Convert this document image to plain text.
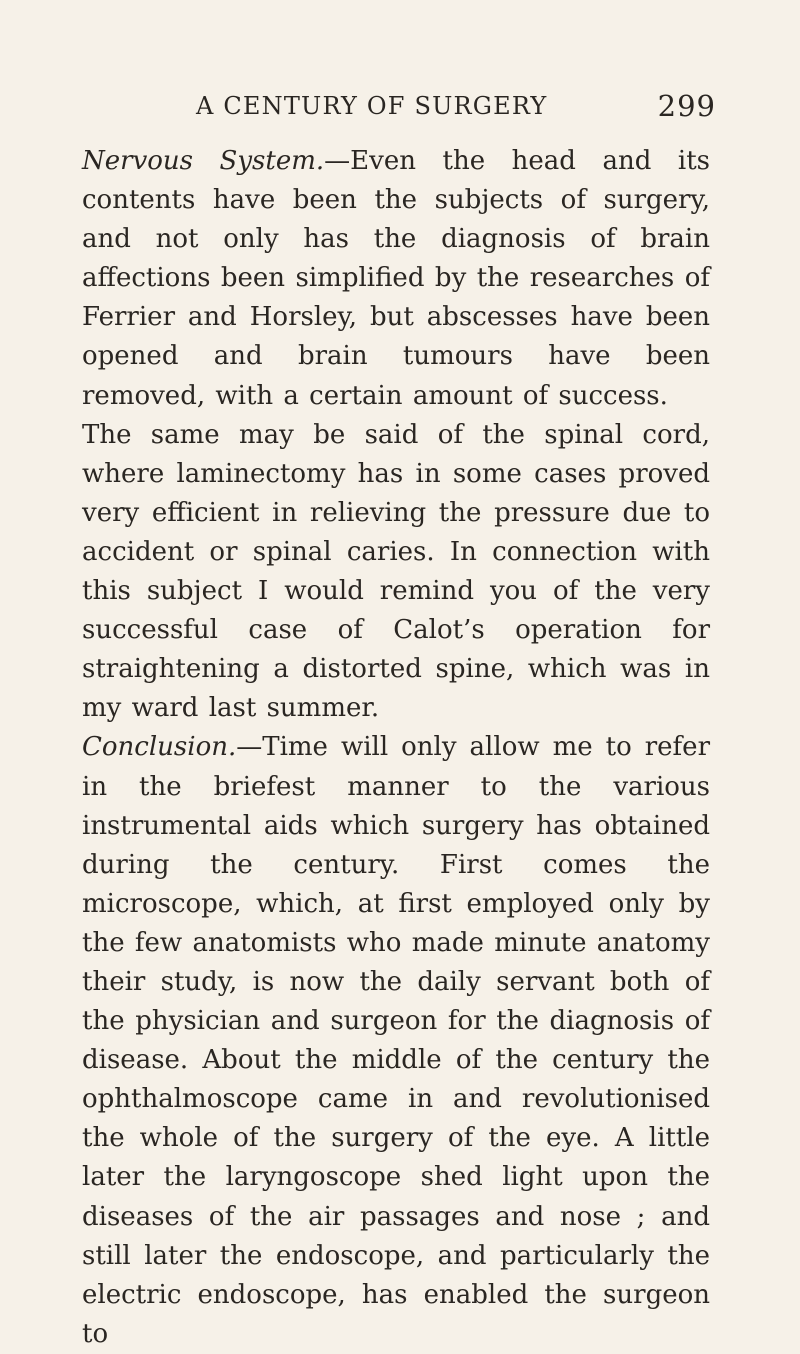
A CENTURY OF SURGERY	299

Nervous System.—Even the head and its contents have been the subjects of surgery, and not only has the diagnosis of brain affections been simplified by the researches of Ferrier and Horsley, but abscesses have been opened and brain tumours have been removed, with a certain amount of success.

The same may be said of the spinal cord, where laminectomy has in some cases proved very efficient in relieving the pressure due to accident or spinal caries. In connection with this subject I would remind you of the very successful case of Calot’s operation for straightening a distorted spine, which was in my ward last summer.

Conclusion.—Time will only allow me to refer in the briefest manner to the various instrumental aids which surgery has obtained during the century. First comes the microscope, which, at first employed only by the few anatomists who made minute anatomy their study, is now the daily servant both of the physician and surgeon for the diagnosis of disease. About the middle of the century the ophthalmoscope came in and revolutionised the whole of the surgery of the eye. A little later the laryngoscope shed light upon the diseases of the air passages and nose ; and still later the endoscope, and particularly the electric endoscope, has enabled the surgeon to
